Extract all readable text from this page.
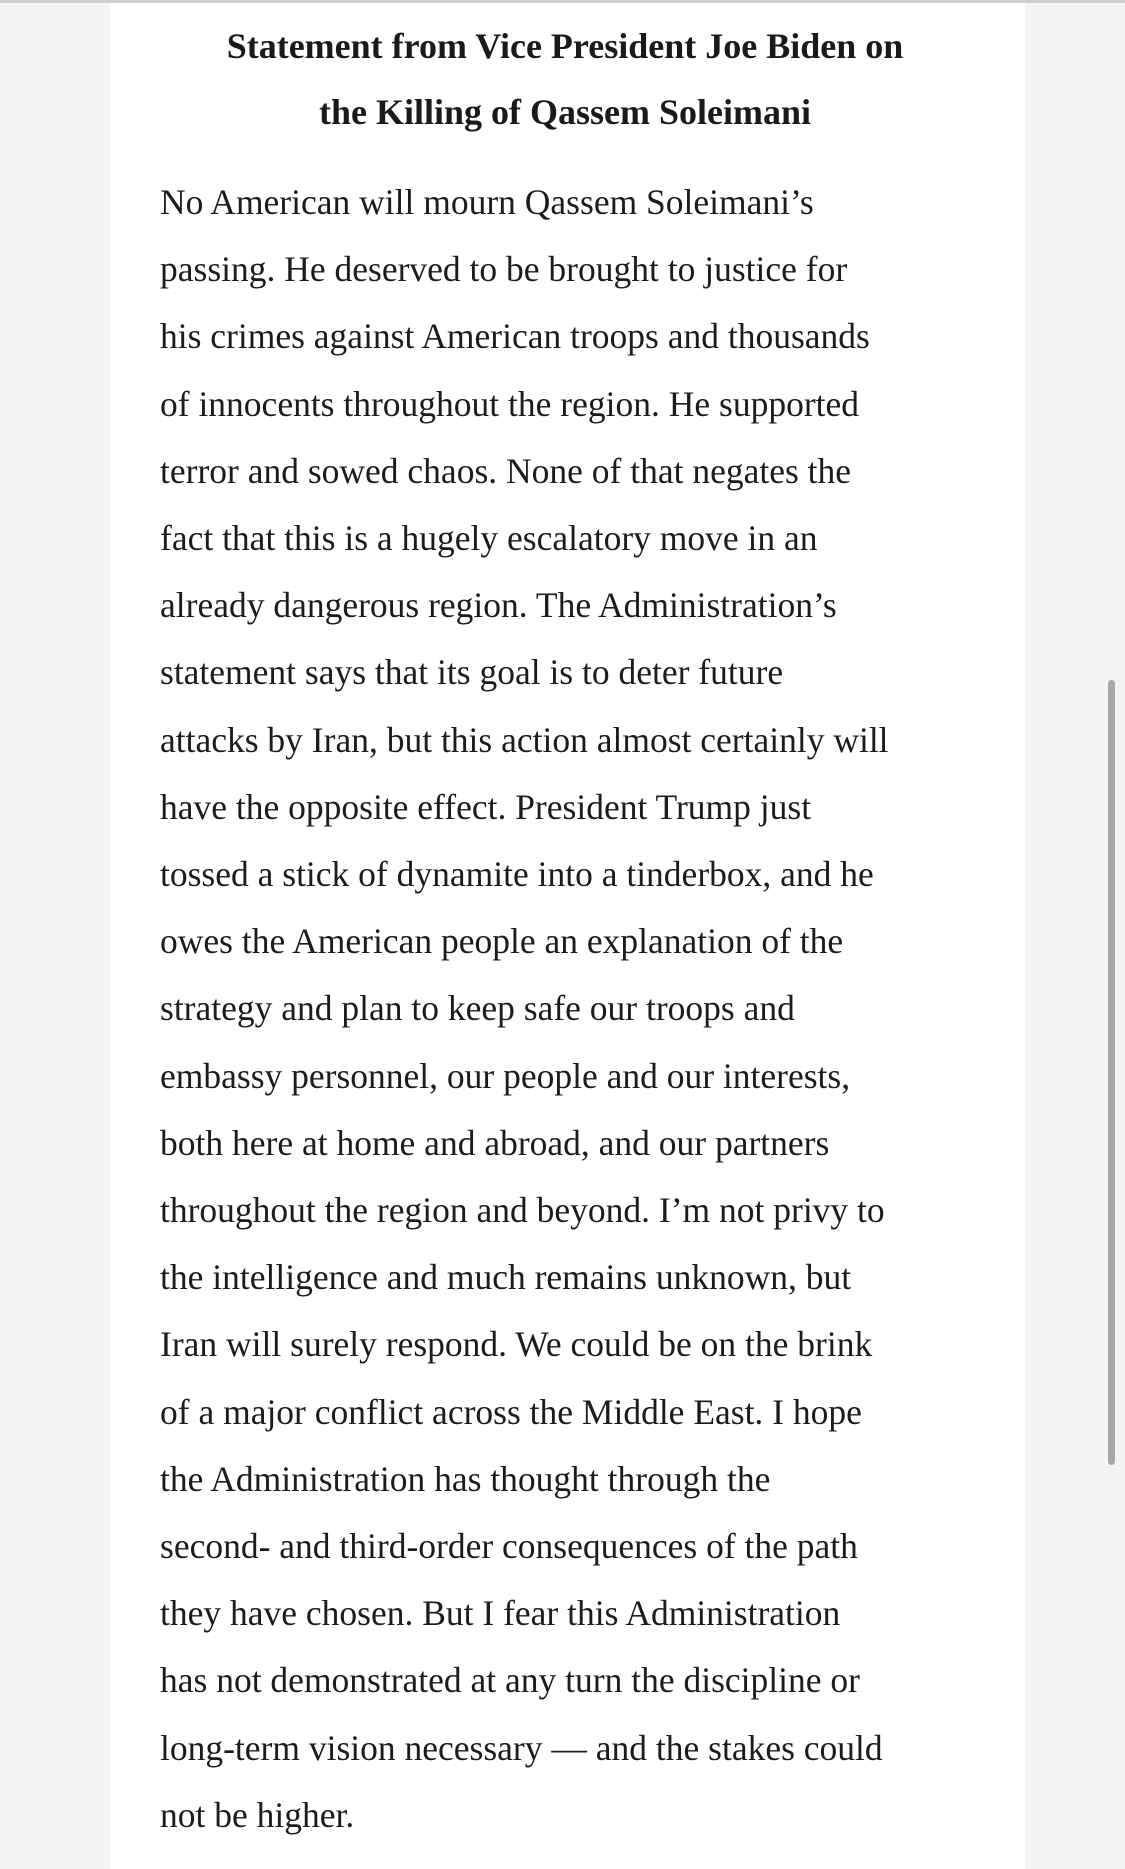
Statement from Vice President Joe Biden on
the Killing of Qassem Soleimani

No American will mourn Qassem Soleimani’s
passing. He deserved to be brought to justice for
his crimes against American troops and thousands
of innocents throughout the region. He supported
terror and sowed chaos. None of that negates the
fact that this is a hugely escalatory move in an
already dangerous region. The Administration’s
statement says that its goal is to deter future
attacks by Iran, but this action almost certainly will
have the opposite effect. President Trump just
tossed a stick of dynamite into a tinderbox, and he
owes the American people an explanation of the
strategy and plan to keep safe our troops and
embassy personnel, our people and our interests,
both here at home and abroad, and our partners
throughout the region and beyond. I’m not privy to
the intelligence and much remains unknown, but
Iran will surely respond. We could be on the brink
of a major conflict across the Middle East. I hope
the Administration has thought through the
second- and third-order consequences of the path
they have chosen. But I fear this Administration
has not demonstrated at any turn the discipline or
long-term vision necessary — and the stakes could
not be higher.
